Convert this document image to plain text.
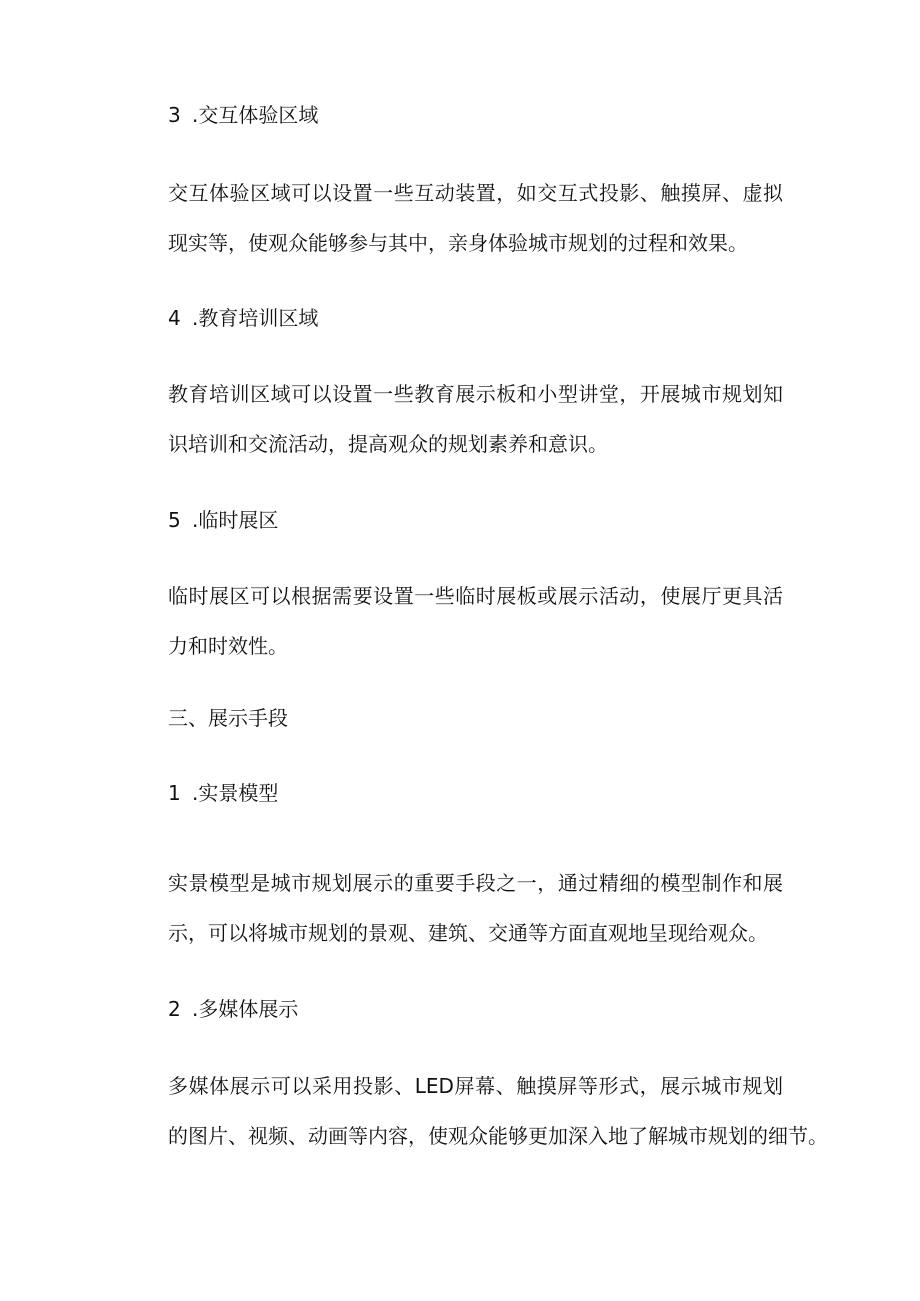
3 .交互体验区域
交互体验区域可以设置一些互动装置，如交互式投影、触摸屏、虚拟
现实等，使观众能够参与其中，亲身体验城市规划的过程和效果。
4 .教育培训区域
教育培训区域可以设置一些教育展示板和小型讲堂，开展城市规划知
识培训和交流活动，提高观众的规划素养和意识。
5 .临时展区
临时展区可以根据需要设置一些临时展板或展示活动，使展厅更具活
力和时效性。
三、展示手段
1 .实景模型
实景模型是城市规划展示的重要手段之一，通过精细的模型制作和展
示，可以将城市规划的景观、建筑、交通等方面直观地呈现给观众。
2 .多媒体展示
多媒体展示可以采用投影、LED屏幕、触摸屏等形式，展示城市规划
的图片、视频、动画等内容，使观众能够更加深入地了解城市规划的细节。
